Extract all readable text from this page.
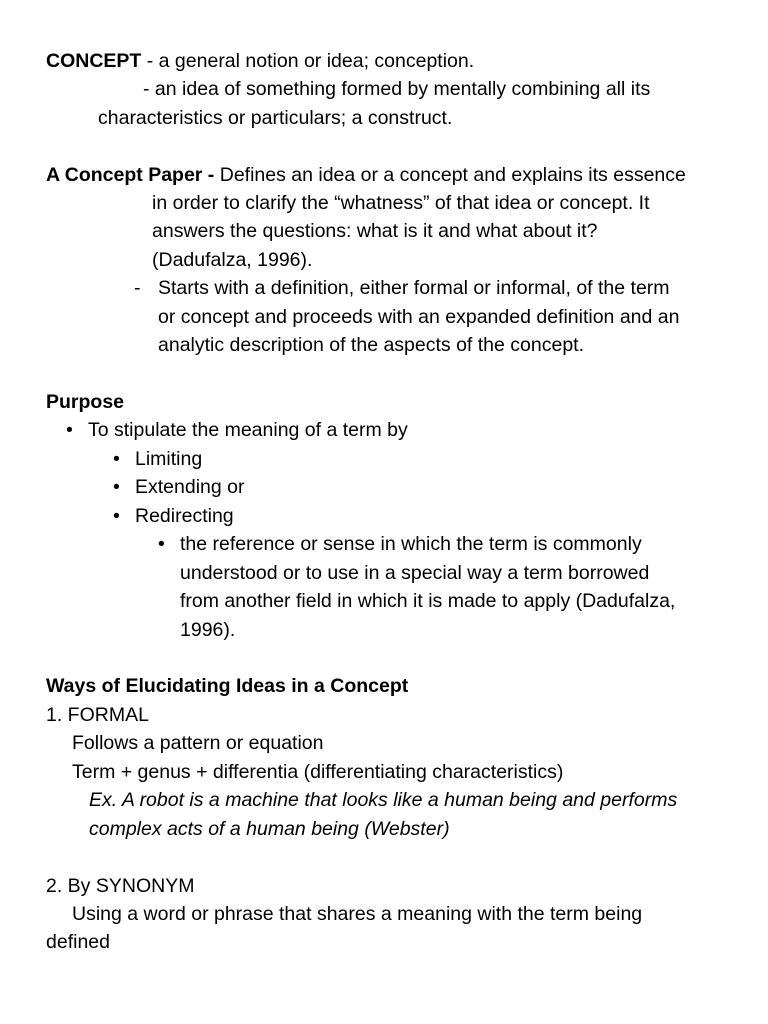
CONCEPT - a general notion or idea; conception.
- an idea of something formed by mentally combining all its
characteristics or particulars; a construct.
A Concept Paper - Defines an idea or a concept and explains its essence
in order to clarify the “whatness” of that idea or concept. It
answers the questions: what is it and what about it?
(Dadufalza, 1996).
- Starts with a definition, either formal or informal, of the term
or concept and proceeds with an expanded definition and an
analytic description of the aspects of the concept.
Purpose
• To stipulate the meaning of a term by
• Limiting
• Extending or
• Redirecting
• the reference or sense in which the term is commonly
understood or to use in a special way a term borrowed
from another field in which it is made to apply (Dadufalza,
1996).
Ways of Elucidating Ideas in a Concept
1. FORMAL
Follows a pattern or equation
Term + genus + differentia (differentiating characteristics)
Ex. A robot is a machine that looks like a human being and performs
complex acts of a human being (Webster)
2. By SYNONYM
Using a word or phrase that shares a meaning with the term being
defined
